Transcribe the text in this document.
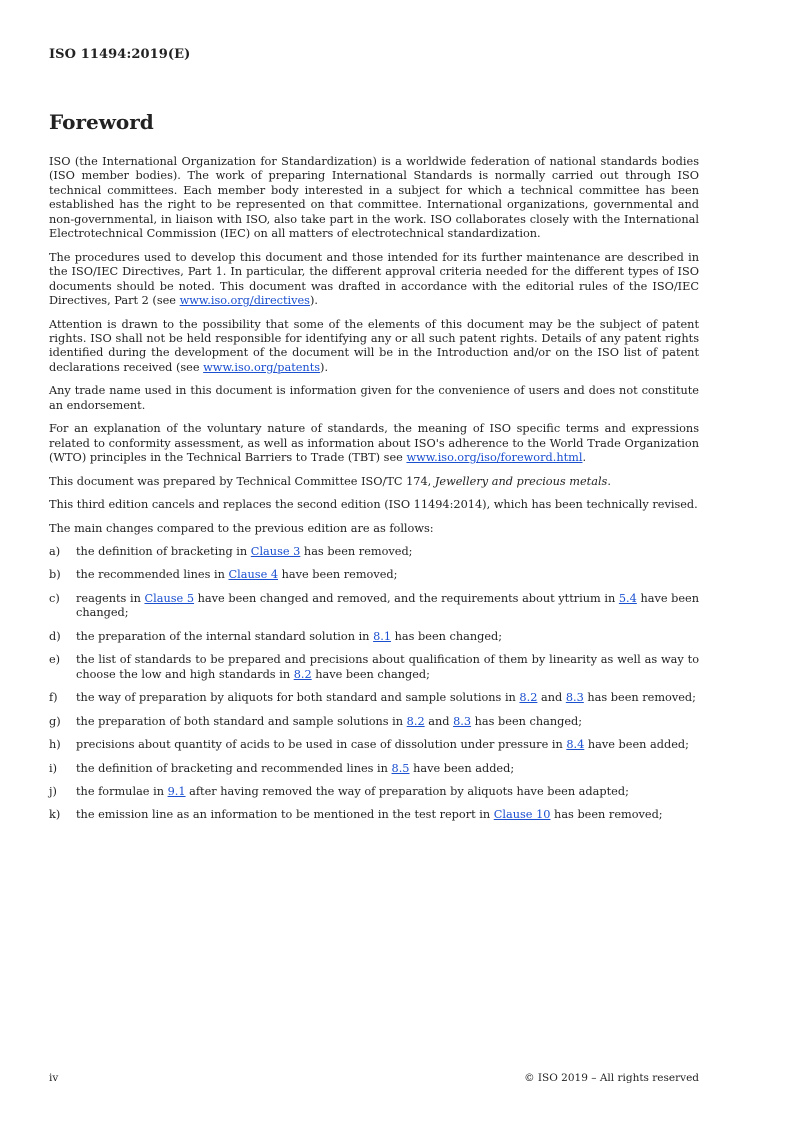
ISO 11494:2019(E)
Foreword

ISO (the International Organization for Standardization) is a worldwide federation of national standards bodies (ISO member bodies). The work of preparing International Standards is normally carried out through ISO technical committees. Each member body interested in a subject for which a technical committee has been established has the right to be represented on that committee. International organizations, governmental and non-governmental, in liaison with ISO, also take part in the work. ISO collaborates closely with the International Electrotechnical Commission (IEC) on all matters of electrotechnical standardization.

The procedures used to develop this document and those intended for its further maintenance are described in the ISO/IEC Directives, Part 1. In particular, the different approval criteria needed for the different types of ISO documents should be noted. This document was drafted in accordance with the editorial rules of the ISO/IEC Directives, Part 2 (see www.iso.org/directives).

Attention is drawn to the possibility that some of the elements of this document may be the subject of patent rights. ISO shall not be held responsible for identifying any or all such patent rights. Details of any patent rights identified during the development of the document will be in the Introduction and/or on the ISO list of patent declarations received (see www.iso.org/patents).

Any trade name used in this document is information given for the convenience of users and does not constitute an endorsement.

For an explanation of the voluntary nature of standards, the meaning of ISO specific terms and expressions related to conformity assessment, as well as information about ISO's adherence to the World Trade Organization (WTO) principles in the Technical Barriers to Trade (TBT) see www.iso.org/iso/foreword.html.

This document was prepared by Technical Committee ISO/TC 174, Jewellery and precious metals.

This third edition cancels and replaces the second edition (ISO 11494:2014), which has been technically revised.

The main changes compared to the previous edition are as follows:

a) the definition of bracketing in Clause 3 has been removed;
b) the recommended lines in Clause 4 have been removed;
c) reagents in Clause 5 have been changed and removed, and the requirements about yttrium in 5.4 have been changed;
d) the preparation of the internal standard solution in 8.1 has been changed;
e) the list of standards to be prepared and precisions about qualification of them by linearity as well as way to choose the low and high standards in 8.2 have been changed;
f) the way of preparation by aliquots for both standard and sample solutions in 8.2 and 8.3 has been removed;
g) the preparation of both standard and sample solutions in 8.2 and 8.3 has been changed;
h) precisions about quantity of acids to be used in case of dissolution under pressure in 8.4 have been added;
i) the definition of bracketing and recommended lines in 8.5 have been added;
j) the formulae in 9.1 after having removed the way of preparation by aliquots have been adapted;
k) the emission line as an information to be mentioned in the test report in Clause 10 has been removed;
iv	© ISO 2019 – All rights reserved
